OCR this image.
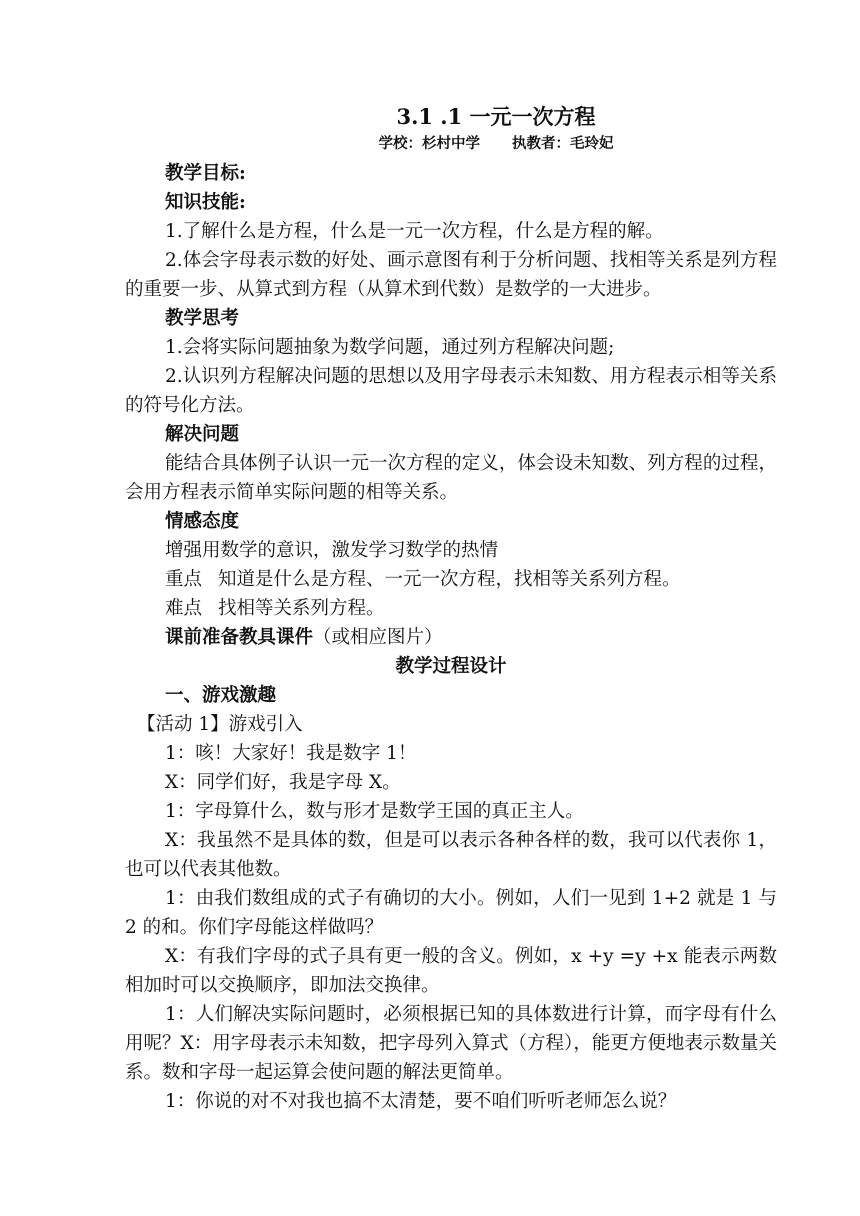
3.1 .1 一元一次方程

学校：杉村中学 执教者：毛玲妃

教学目标:

知识技能:

1.了解什么是方程，什么是一元一次方程，什么是方程的解。

2.体会字母表示数的好处、画示意图有利于分析问题、找相等关系是列方程的重要一步、从算式到方程（从算术到代数）是数学的一大进步。

教学思考

1.会将实际问题抽象为数学问题，通过列方程解决问题;

2.认识列方程解决问题的思想以及用字母表示未知数、用方程表示相等关系的符号化方法。

解决问题

能结合具体例子认识一元一次方程的定义，体会设未知数、列方程的过程，会用方程表示简单实际问题的相等关系。

情感态度

增强用数学的意识，激发学习数学的热情

重点 知道是什么是方程、一元一次方程，找相等关系列方程。

难点 找相等关系列方程。

课前准备教具课件（或相应图片）

教学过程设计

一、游戏激趣

【活动 1】游戏引入

1：咳！大家好！我是数字 1！

X：同学们好，我是字母 X。

1：字母算什么，数与形才是数学王国的真正主人。

X：我虽然不是具体的数，但是可以表示各种各样的数，我可以代表你 1，也可以代表其他数。

1：由我们数组成的式子有确切的大小。例如，人们一见到 1+2 就是 1 与 2 的和。你们字母能这样做吗？

X：有我们字母的式子具有更一般的含义。例如，x +y =y +x 能表示两数相加时可以交换顺序，即加法交换律。

1：人们解决实际问题时，必须根据已知的具体数进行计算，而字母有什么用呢？X：用字母表示未知数，把字母列入算式（方程），能更方便地表示数量关系。数和字母一起运算会使问题的解法更简单。

1：你说的对不对我也搞不太清楚，要不咱们听听老师怎么说？
